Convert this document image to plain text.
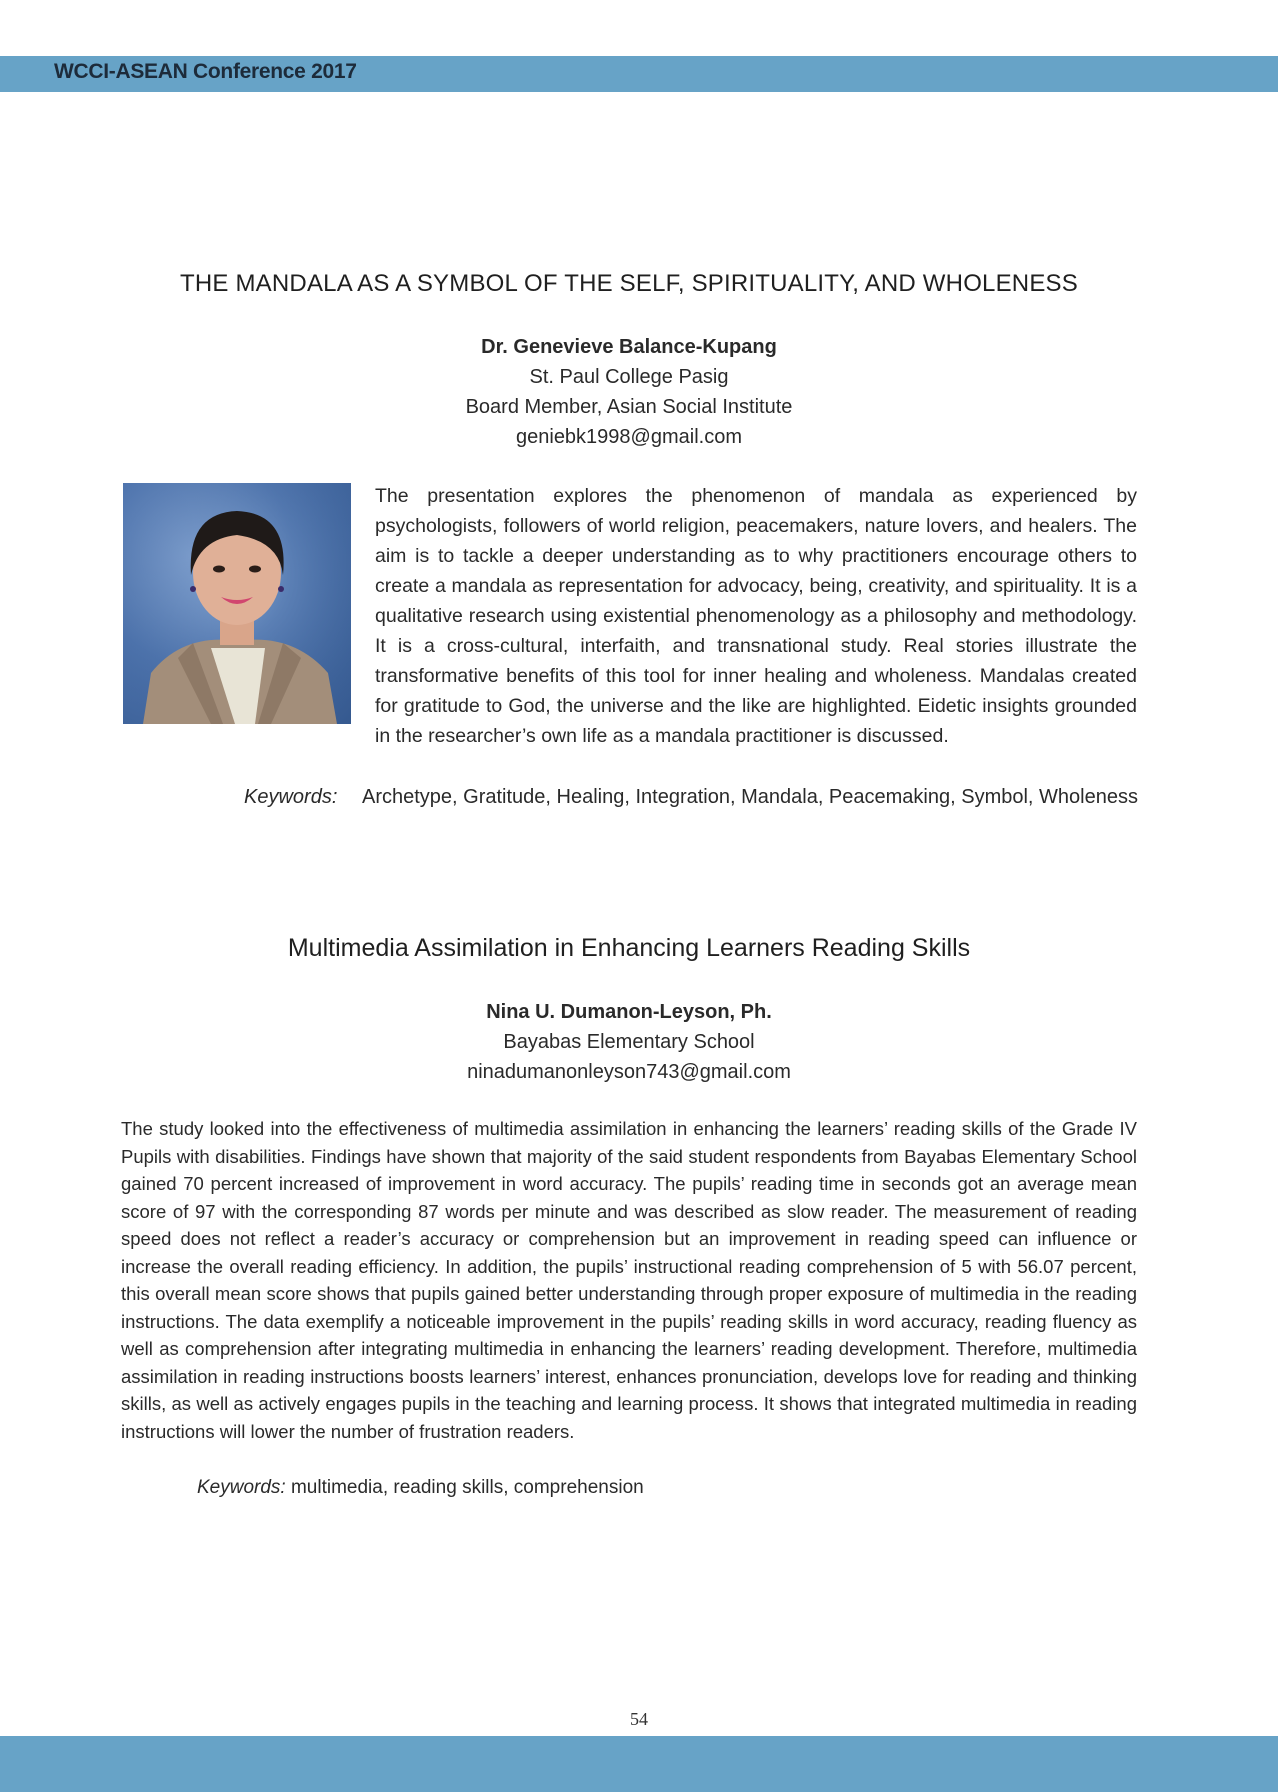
WCCI-ASEAN Conference 2017
THE MANDALA AS A SYMBOL OF THE SELF, SPIRITUALITY, AND WHOLENESS
Dr. Genevieve Balance-Kupang
St. Paul College Pasig
Board Member, Asian Social Institute
geniebk1998@gmail.com
The presentation explores the phenomenon of mandala as experienced by psychologists, followers of world religion, peacemakers, nature lovers, and healers. The aim is to tackle a deeper understanding as to why practitioners encourage others to create a mandala as representation for advocacy, being, creativity, and spirituality. It is a qualitative research using existential phenomenology as a philosophy and methodology. It is a cross-cultural, interfaith, and transnational study. Real stories illustrate the transformative benefits of this tool for inner healing and wholeness. Mandalas created for gratitude to God, the universe and the like are highlighted. Eidetic insights grounded in the researcher’s own life as a mandala practitioner is discussed.
Keywords: Archetype, Gratitude, Healing, Integration, Mandala, Peacemaking, Symbol, Wholeness
Multimedia Assimilation in Enhancing Learners Reading Skills
Nina U. Dumanon-Leyson, Ph.
Bayabas Elementary School
ninadumanonleyson743@gmail.com
The study looked into the effectiveness of multimedia assimilation in enhancing the learners’ reading skills of the Grade IV Pupils with disabilities. Findings have shown that majority of the said student respondents from Bayabas Elementary School gained 70 percent increased of improvement in word accuracy. The pupils’ reading time in seconds got an average mean score of 97 with the corresponding 87 words per minute and was described as slow reader. The measurement of reading speed does not reflect a reader’s accuracy or comprehension but an improvement in reading speed can influence or increase the overall reading efficiency. In addition, the pupils’ instructional reading comprehension of 5 with 56.07 percent, this overall mean score shows that pupils gained better understanding through proper exposure of multimedia in the reading instructions. The data exemplify a noticeable improvement in the pupils’ reading skills in word accuracy, reading fluency as well as comprehension after integrating multimedia in enhancing the learners’ reading development. Therefore, multimedia assimilation in reading instructions boosts learners’ interest, enhances pronunciation, develops love for reading and thinking skills, as well as actively engages pupils in the teaching and learning process. It shows that integrated multimedia in reading instructions will lower the number of frustration readers.
Keywords: multimedia, reading skills, comprehension
54
